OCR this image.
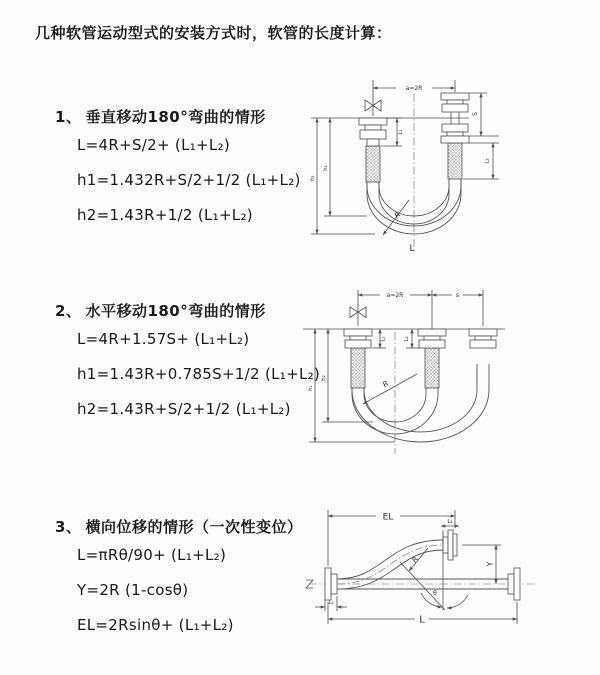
几种软管运动型式的安装方式时，软管的长度计算：
1、 垂直移动180°弯曲的情形
L=4R+S/2+ (L₁+L₂)
h1=1.432R+S/2+1/2 (L₁+L₂)
h2=1.43R+1/2 (L₁+L₂)
a=2R
L₁
S
L₂
h₁
h₂
R
L
2、 水平移动180°弯曲的情形
L=4R+1.57S+ (L₁+L₂)
h1=1.43R+0.785S+1/2 (L₁+L₂)
h2=1.43R+S/2+1/2 (L₁+L₂)
a=2R	s
L₁	L₂
h₁
h₂
R
3、 横向位移的情形（一次性变位）
L=πRθ/90+ (L₁+L₂)
Y=2R (1-cosθ)
EL=2Rsinθ+ (L₁+L₂)
EL	L₂
Y
θ
R
L
L₁
